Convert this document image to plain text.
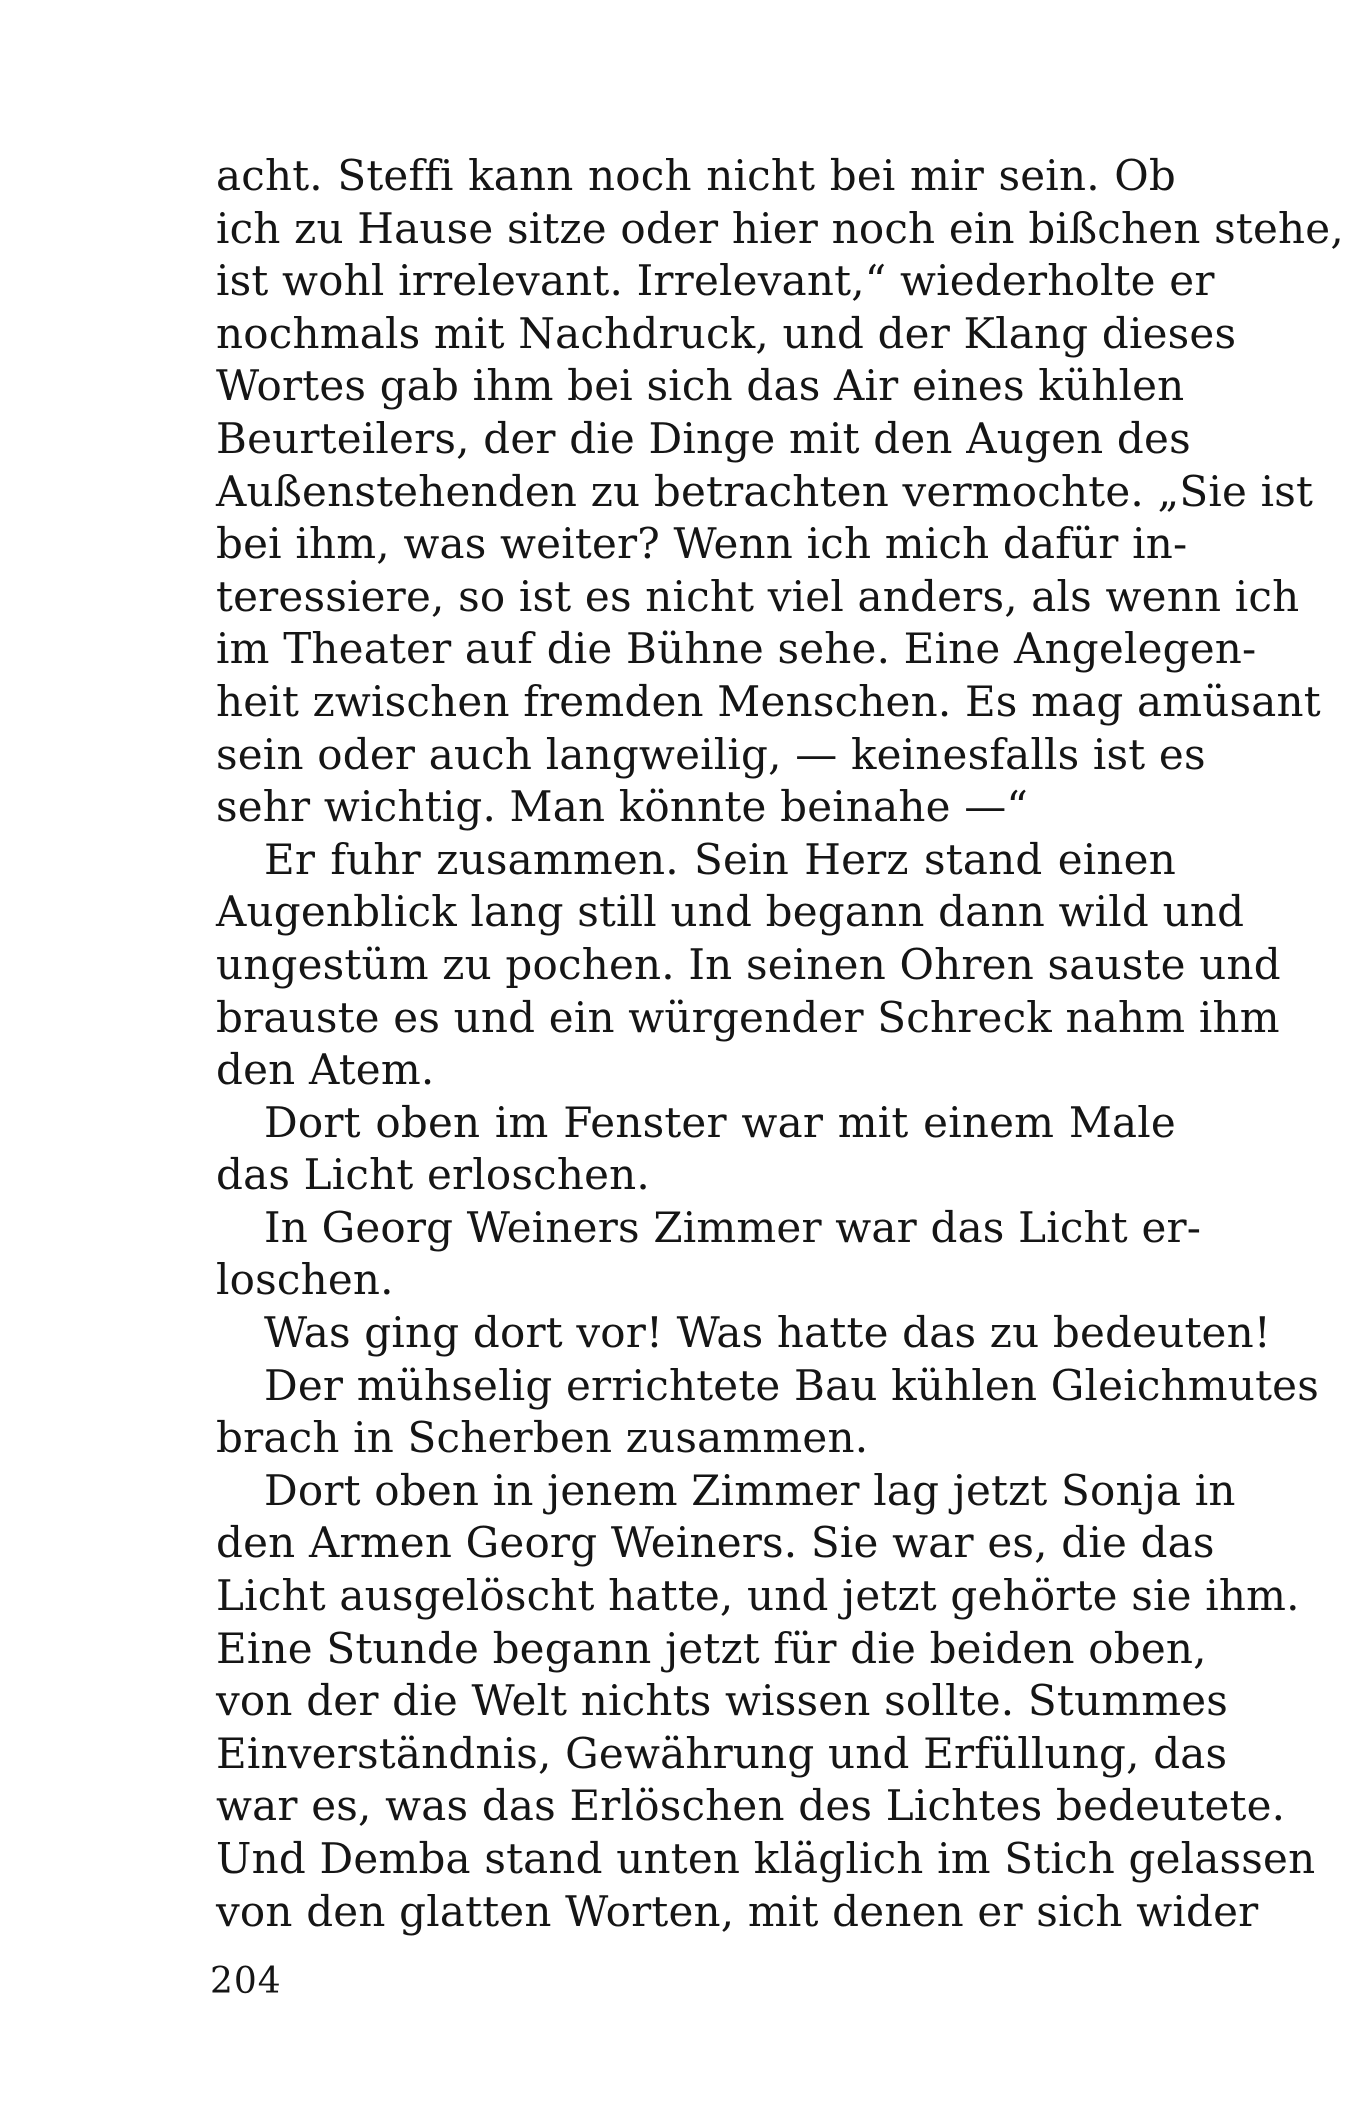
acht. Steffi kann noch nicht bei mir sein. Ob
ich zu Hause sitze oder hier noch ein bißchen stehe,
ist wohl irrelevant. Irrelevant,“ wiederholte er
nochmals mit Nachdruck, und der Klang dieses
Wortes gab ihm bei sich das Air eines kühlen
Beurteilers, der die Dinge mit den Augen des
Außenstehenden zu betrachten vermochte. „Sie ist
bei ihm, was weiter? Wenn ich mich dafür in-
teressiere, so ist es nicht viel anders, als wenn ich
im Theater auf die Bühne sehe. Eine Angelegen-
heit zwischen fremden Menschen. Es mag amüsant
sein oder auch langweilig, — keinesfalls ist es
sehr wichtig. Man könnte beinahe —“
Er fuhr zusammen. Sein Herz stand einen
Augenblick lang still und begann dann wild und
ungestüm zu pochen. In seinen Ohren sauste und
brauste es und ein würgender Schreck nahm ihm
den Atem.
Dort oben im Fenster war mit einem Male
das Licht erloschen.
In Georg Weiners Zimmer war das Licht er-
loschen.
Was ging dort vor! Was hatte das zu bedeuten!
Der mühselig errichtete Bau kühlen Gleichmutes
brach in Scherben zusammen.
Dort oben in jenem Zimmer lag jetzt Sonja in
den Armen Georg Weiners. Sie war es, die das
Licht ausgelöscht hatte, und jetzt gehörte sie ihm.
Eine Stunde begann jetzt für die beiden oben,
von der die Welt nichts wissen sollte. Stummes
Einverständnis, Gewährung und Erfüllung, das
war es, was das Erlöschen des Lichtes bedeutete.
Und Demba stand unten kläglich im Stich gelassen
von den glatten Worten, mit denen er sich wider
204
